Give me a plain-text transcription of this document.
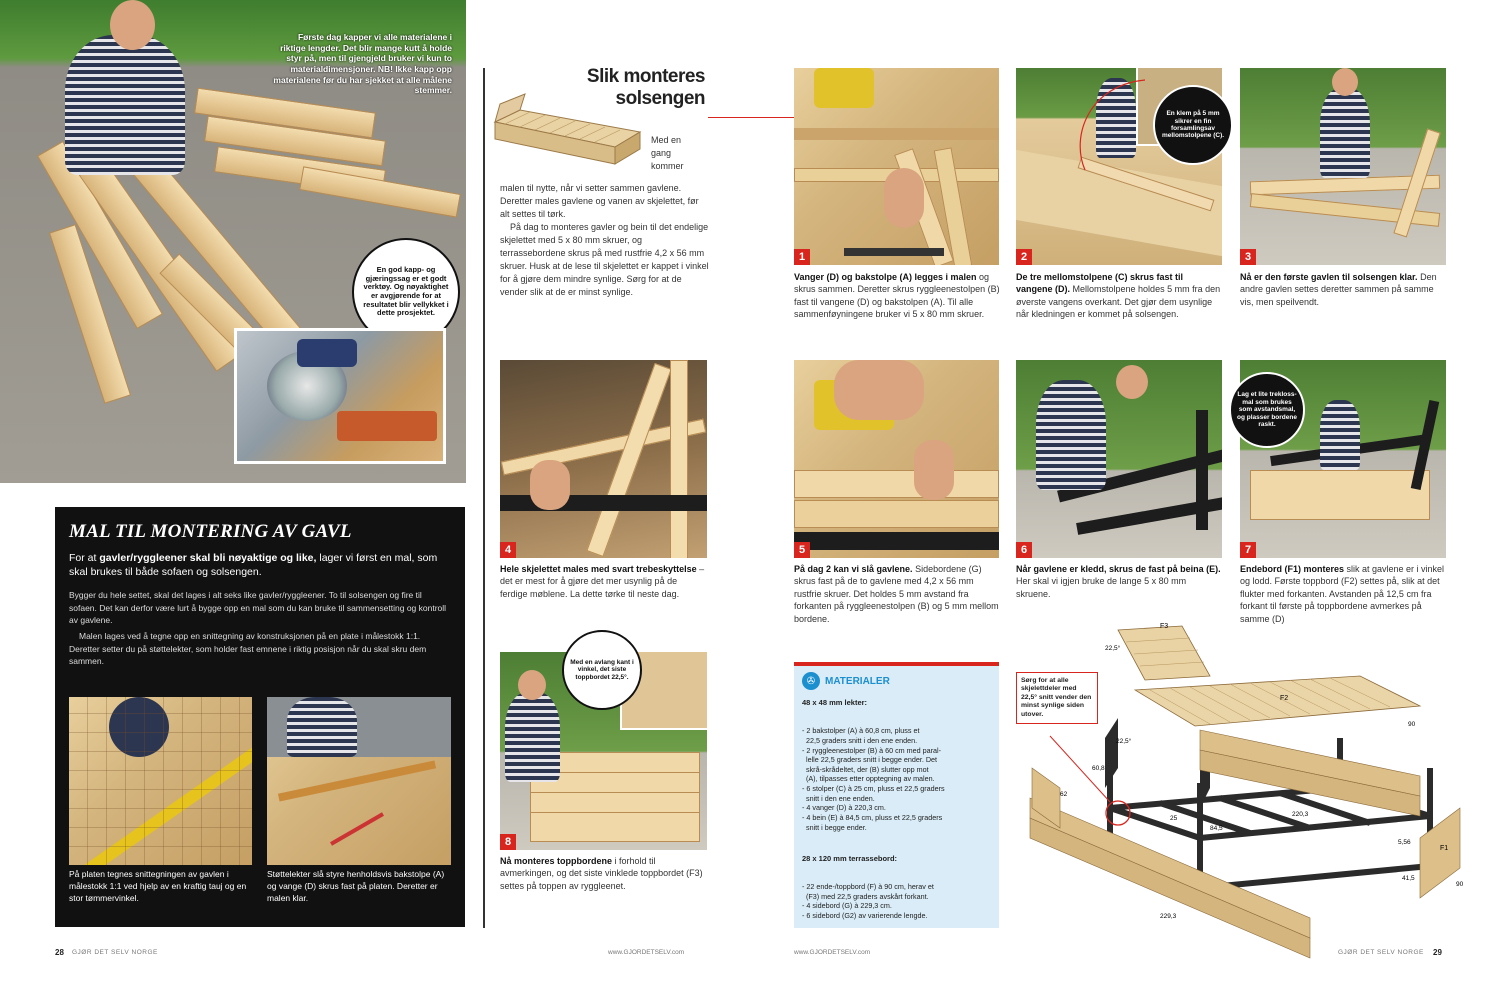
Første dag kapper vi alle materialene i riktige lengder. Det blir mange kutt å holde styr på, men til gjengjeld bruker vi kun to materialdimensjoner. NB! Ikke kapp opp materialene før du har sjekket at alle målene stemmer.
En god kapp- og gjæringssag er et godt verktøy. Og nøyaktighet er avgjørende for at resultatet blir vellykket i dette prosjektet.
MAL TIL MONTERING AV GAVL
For at gavler/ryggleener skal bli nøyaktige og like, lager vi først en mal, som skal brukes til både sofaen og solsengen.
Bygger du hele settet, skal det lages i alt seks like gavler/ryggleener. To til solsengen og fire til sofaen. Det kan derfor være lurt å bygge opp en mal som du kan bruke til sammensetting og kontroll av gavlene.
Malen lages ved å tegne opp en snittegning av konstruksjonen på en plate i målestokk 1:1. Deretter setter du på støttelekter, som holder fast emnene i riktig posisjon når du skal skru dem sammen.
På platen tegnes snittegningen av gavlen i målestokk 1:1 ved hjelp av en kraftig tauj og en stor tømmervinkel.
Støttelekter slå styre henholdsvis bakstolpe (A) og vange (D) skrus fast på platen. Deretter er malen klar.
Slik monteres
solsengen
Med en gang kommer
malen til nytte, når vi setter sammen gavlene. Deretter males gavlene og vanen av skjelettet, før alt settes til tørk.
På dag to monteres gavler og bein til det endelige skjelettet med 5 x 80 mm skruer, og terrassebordene skrus på med rustfrie 4,2 x 56 mm skruer. Husk at de lese til skjelettet er kappet i vinkel for å gjøre dem mindre synlige. Sørg for at de vender slik at de er minst synlige.
1	2
En klem på 5 mm sikrer en fin forsamlingsav mellomstolpene (C).
3
4	5	6	7
Lag et lite trekloss-mal som brukes som avstandsmal, og plasser bordene raskt.
8
Med en avlang kant i vinkel, det siste toppbordet 22,5°.
Vanger (D) og bakstolpe (A) legges i malen og skrus sammen. Deretter skrus ryggleenestolpen (B) fast til vangene (D) og bakstolpen (A). Til alle sammenføyningene bruker vi 5 x 80 mm skruer.
De tre mellomstolpene (C) skrus fast til vangene (D). Mellomstolpene holdes 5 mm fra den øverste vangens overkant. Det gjør dem usynlige når kledningen er kommet på solsengen.
Nå er den første gavlen til solsengen klar. Den andre gavlen settes deretter sammen på samme vis, men speilvendt.
Hele skjelettet males med svart trebeskyttelse – det er mest for å gjøre det mer usynlig på de ferdige møblene. La dette tørke til neste dag.
På dag 2 kan vi slå gavlene. Sidebordene (G) skrus fast på de to gavlene med 4,2 x 56 mm rustfrie skruer. Det holdes 5 mm avstand fra forkanten på ryggleenestolpen (B) og 5 mm mellom bordene.
Når gavlene er kledd, skrus de fast på beina (E). Her skal vi igjen bruke de lange 5 x 80 mm skruene.
Endebord (F1) monteres slik at gavlene er i vinkel og lodd. Første toppbord (F2) settes på, slik at det flukter med forkanten. Avstanden på 12,5 cm fra forkant til første på toppbordene avmerkes på samme (D)
Nå monteres toppbordene i forhold til avmerkingen, og det siste vinklede toppbordet (F3) settes på toppen av ryggleenet.
✇ MATERIALER
48 x 48 mm lekter:

- 2 bakstolper (A) à 60,8 cm, pluss et
22,5 graders snitt i den ene enden.
- 2 ryggleenestolper (B) à 60 cm med paral-
lelle 22,5 graders snitt i begge ender. Det
skrå-skrådeltet, der (B) slutter opp mot
(A), tilpasses etter opptegning av malen.
- 6 stolper (C) à 25 cm, pluss et 22,5 graders
snitt i den ene enden.
- 4 vanger (D) à 220,3 cm.
- 4 bein (E) à 84,5 cm, pluss et 22,5 graders
snitt i begge ender.

28 x 120 mm terrassebord:

- 22 ende-/toppbord (F) à 90 cm, herav et
(F3) med 22,5 graders avskårt forkant.
- 4 sidebord (G) à 229,3 cm.
- 6 sidebord (G2) av varierende lengde.

F3
22,5°
F2
90
60,8
22,5°
62
25
84,5
220,3
5,56
41,5
F1
90
229,3
Sørg for at alle skjelettdeler med 22,5° snitt vender den minst synlige siden utover.
28 GJØR DET SELV NORGE	www.GJORDETSELV.com	www.GJORDETSELV.com	GJØR DET SELV NORGE 29
